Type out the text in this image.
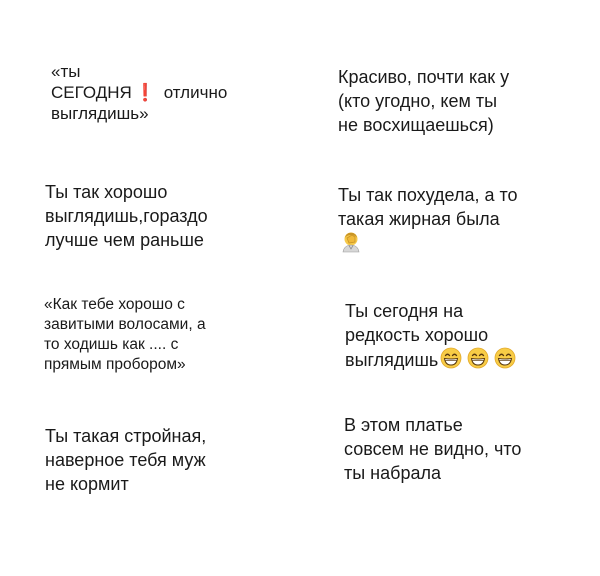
«ты
СЕГОДНЯ ❗ отлично
выглядишь»
Красиво, почти как у
(кто угодно, кем ты
не восхищаешься)
Ты так хорошо
выглядишь,гораздо
лучше чем раньше
Ты так похудела, а то
такая жирная была
«Как тебе хорошо с
завитыми волосами, а
то ходишь как .... с
прямым пробором»
Ты сегодня на
редкость хорошо
выглядишь
Ты такая стройная,
наверное тебя муж
не кормит
В этом платье
совсем не видно, что
ты набрала
